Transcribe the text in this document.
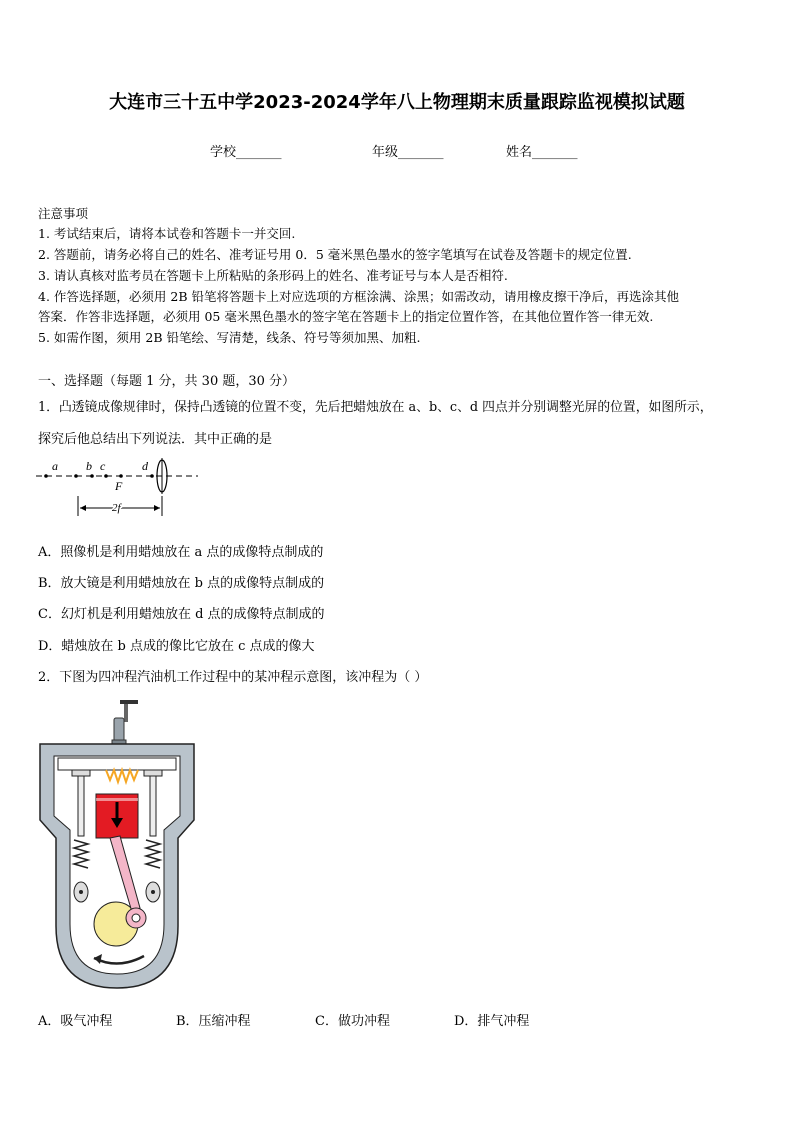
大连市三十五中学2023-2024学年八上物理期末质量跟踪监视模拟试题
学校_______	年级_______	姓名_______
注意事项
1. 考试结束后，请将本试卷和答题卡一并交回.
2. 答题前，请务必将自己的姓名、准考证号用 0．5 毫米黑色墨水的签字笔填写在试卷及答题卡的规定位置.
3. 请认真核对监考员在答题卡上所粘贴的条形码上的姓名、准考证号与本人是否相符.
4. 作答选择题，必须用 2B 铅笔将答题卡上对应选项的方框涂满、涂黑；如需改动，请用橡皮擦干净后，再选涂其他
答案．作答非选择题，必须用 05 毫米黑色墨水的签字笔在答题卡上的指定位置作答，在其他位置作答一律无效.
5. 如需作图，须用 2B 铅笔绘、写清楚，线条、符号等须加黑、加粗.
一、选择题（每题 1 分，共 30 题，30 分）
1．凸透镜成像规律时，保持凸透镜的位置不变，先后把蜡烛放在 a、b、c、d 四点并分别调整光屏的位置，如图所示，
探究后他总结出下列说法．其中正确的是
a b c	d
F
2f
A．照像机是利用蜡烛放在 a 点的成像特点制成的
B．放大镜是利用蜡烛放在 b 点的成像特点制成的
C．幻灯机是利用蜡烛放在 d 点的成像特点制成的
D．蜡烛放在 b 点成的像比它放在 c 点成的像大
2．下图为四冲程汽油机工作过程中的某冲程示意图，该冲程为（ ）
A．吸气冲程	B．压缩冲程	C．做功冲程	D．排气冲程
